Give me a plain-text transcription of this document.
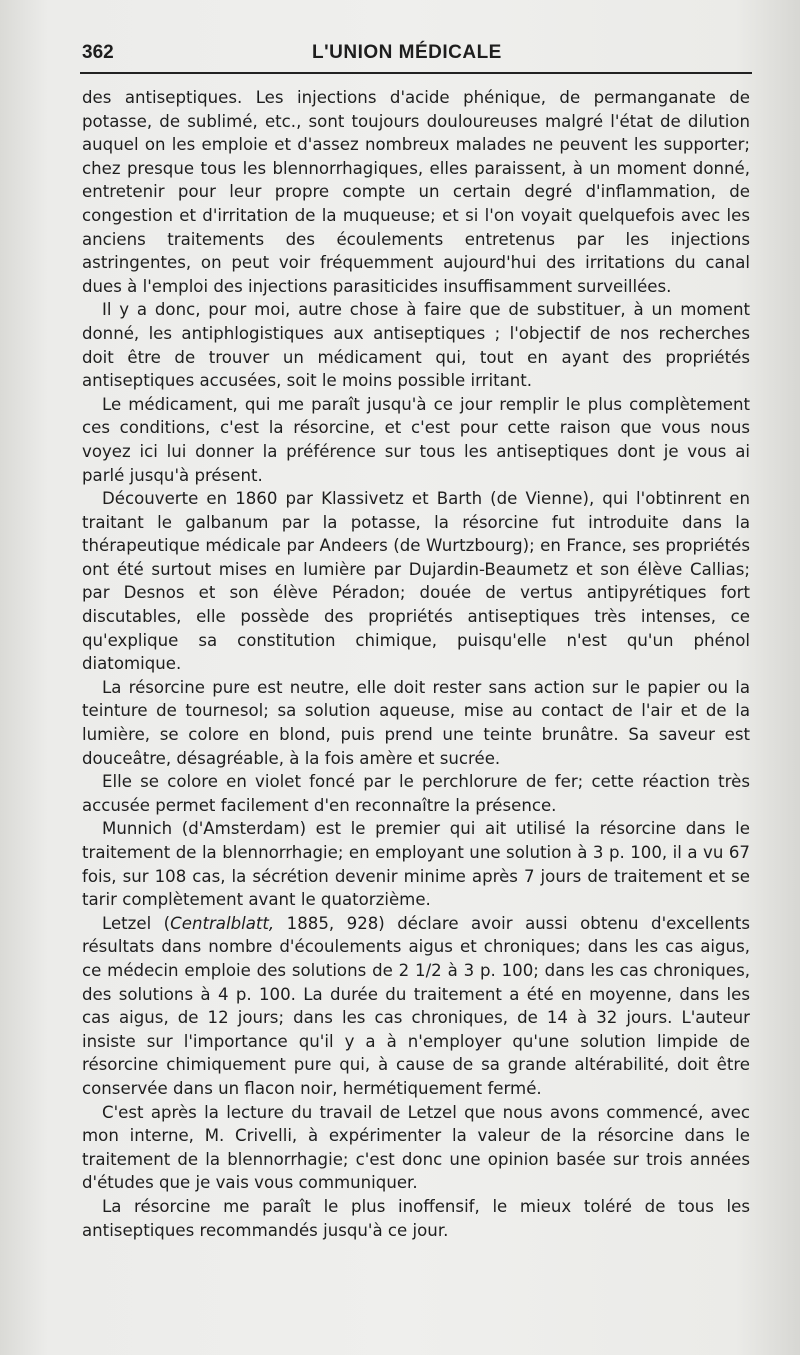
362	L'UNION MÉDICALE

des antiseptiques. Les injections d'acide phénique, de permanganate de potasse, de sublimé, etc., sont toujours douloureuses malgré l'état de dilution auquel on les emploie et d'assez nombreux malades ne peuvent les supporter; chez presque tous les blennorrhagiques, elles paraissent, à un moment donné, entretenir pour leur propre compte un certain degré d'inflammation, de congestion et d'irritation de la muqueuse; et si l'on voyait quelquefois avec les anciens traitements des écoulements entretenus par les injections astringentes, on peut voir fréquemment aujourd'hui des irritations du canal dues à l'emploi des injections parasiticides insuffisamment surveillées.

Il y a donc, pour moi, autre chose à faire que de substituer, à un moment donné, les antiphlogistiques aux antiseptiques ; l'objectif de nos recherches doit être de trouver un médicament qui, tout en ayant des propriétés antiseptiques accusées, soit le moins possible irritant.

Le médicament, qui me paraît jusqu'à ce jour remplir le plus complètement ces conditions, c'est la résorcine, et c'est pour cette raison que vous nous voyez ici lui donner la préférence sur tous les antiseptiques dont je vous ai parlé jusqu'à présent.

Découverte en 1860 par Klassivetz et Barth (de Vienne), qui l'obtinrent en traitant le galbanum par la potasse, la résorcine fut introduite dans la thérapeutique médicale par Andeers (de Wurtzbourg); en France, ses propriétés ont été surtout mises en lumière par Dujardin-Beaumetz et son élève Callias; par Desnos et son élève Péradon; douée de vertus antipyrétiques fort discutables, elle possède des propriétés antiseptiques très intenses, ce qu'explique sa constitution chimique, puisqu'elle n'est qu'un phénol diatomique.

La résorcine pure est neutre, elle doit rester sans action sur le papier ou la teinture de tournesol; sa solution aqueuse, mise au contact de l'air et de la lumière, se colore en blond, puis prend une teinte brunâtre. Sa saveur est douceâtre, désagréable, à la fois amère et sucrée.

Elle se colore en violet foncé par le perchlorure de fer; cette réaction très accusée permet facilement d'en reconnaître la présence.

Munnich (d'Amsterdam) est le premier qui ait utilisé la résorcine dans le traitement de la blennorrhagie; en employant une solution à 3 p. 100, il a vu 67 fois, sur 108 cas, la sécrétion devenir minime après 7 jours de traitement et se tarir complètement avant le quatorzième.

Letzel (Centralblatt, 1885, 928) déclare avoir aussi obtenu d'excellents résultats dans nombre d'écoulements aigus et chroniques; dans les cas aigus, ce médecin emploie des solutions de 2 1/2 à 3 p. 100; dans les cas chroniques, des solutions à 4 p. 100. La durée du traitement a été en moyenne, dans les cas aigus, de 12 jours; dans les cas chroniques, de 14 à 32 jours. L'auteur insiste sur l'importance qu'il y a à n'employer qu'une solution limpide de résorcine chimiquement pure qui, à cause de sa grande altérabilité, doit être conservée dans un flacon noir, hermétiquement fermé.

C'est après la lecture du travail de Letzel que nous avons commencé, avec mon interne, M. Crivelli, à expérimenter la valeur de la résorcine dans le traitement de la blennorrhagie; c'est donc une opinion basée sur trois années d'études que je vais vous communiquer.

La résorcine me paraît le plus inoffensif, le mieux toléré de tous les antiseptiques recommandés jusqu'à ce jour.
